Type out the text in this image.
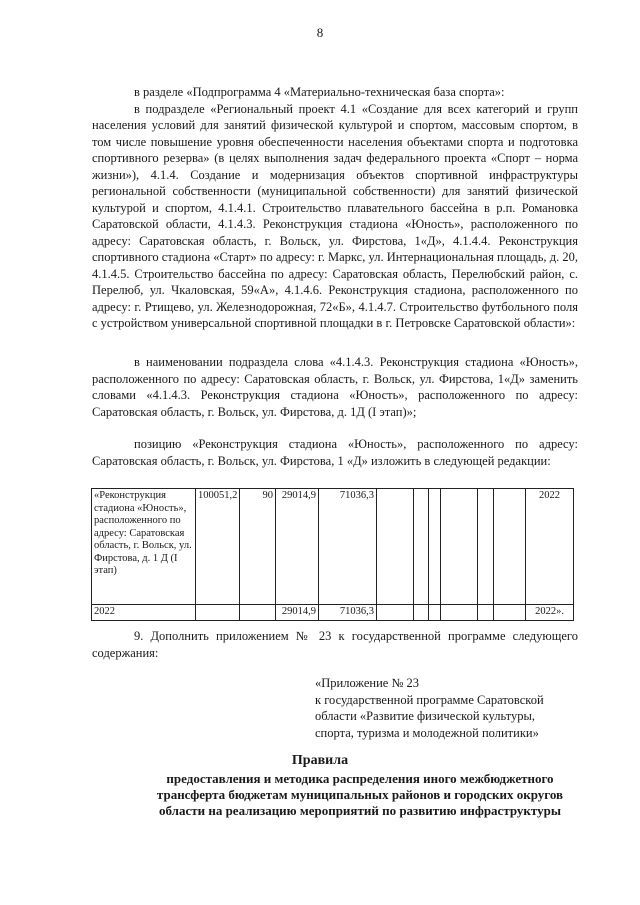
8

в разделе «Подпрограмма 4 «Материально-техническая база спорта»:

в подразделе «Региональный проект 4.1 «Создание для всех категорий и групп населения условий для занятий физической культурой и спортом, массовым спортом, в том числе повышение уровня обеспеченности населения объектами спорта и подготовка спортивного резерва» (в целях выполнения задач федерального проекта «Спорт – норма жизни»), 4.1.4. Создание и модернизация объектов спортивной инфраструктуры региональной собственности (муниципальной собственности) для занятий физической культурой и спортом, 4.1.4.1. Строительство плавательного бассейна в р.п. Романовка Саратовской области, 4.1.4.3. Реконструкция стадиона «Юность», расположенного по адресу: Саратовская область, г. Вольск, ул. Фирстова, 1«Д», 4.1.4.4. Реконструкция спортивного стадиона «Старт» по адресу: г. Маркс, ул. Интернациональная площадь, д. 20, 4.1.4.5. Строительство бассейна по адресу: Саратовская область, Перелюбский район, с. Перелюб, ул. Чкаловская, 59«А», 4.1.4.6. Реконструкция стадиона, расположенного по адресу: г. Ртищево, ул. Железнодорожная, 72«Б», 4.1.4.7. Строительство футбольного поля с устройством универсальной спортивной площадки в г. Петровске Саратовской области»:

в наименовании подраздела слова «4.1.4.3. Реконструкция стадиона «Юность», расположенного по адресу: Саратовская область, г. Вольск, ул. Фирстова, 1«Д» заменить словами «4.1.4.3. Реконструкция стадиона «Юность», расположенного по адресу: Саратовская область, г. Вольск, ул. Фирстова, д. 1Д (I этап)»;

позицию «Реконструкция стадиона «Юность», расположенного по адресу: Саратовская область, г. Вольск, ул. Фирстова, 1 «Д» изложить в следующей редакции:

«Реконструкция стадиона «Юность», расположенного по адресу: Саратовская область, г. Вольск, ул. Фирстова, д. 1 Д (I этап)	100051,2	90	29014,9	71036,3							2022
2022			29014,9	71036,3							2022».

9. Дополнить приложением № 23 к государственной программе следующего содержания:

«Приложение № 23
к государственной программе Саратовской
области «Развитие физической культуры,
спорта, туризма и молодежной политики»
Правила
предоставления и методика распределения иного межбюджетного
трансферта бюджетам муниципальных районов и городских округов
области на реализацию мероприятий по развитию инфраструктуры
